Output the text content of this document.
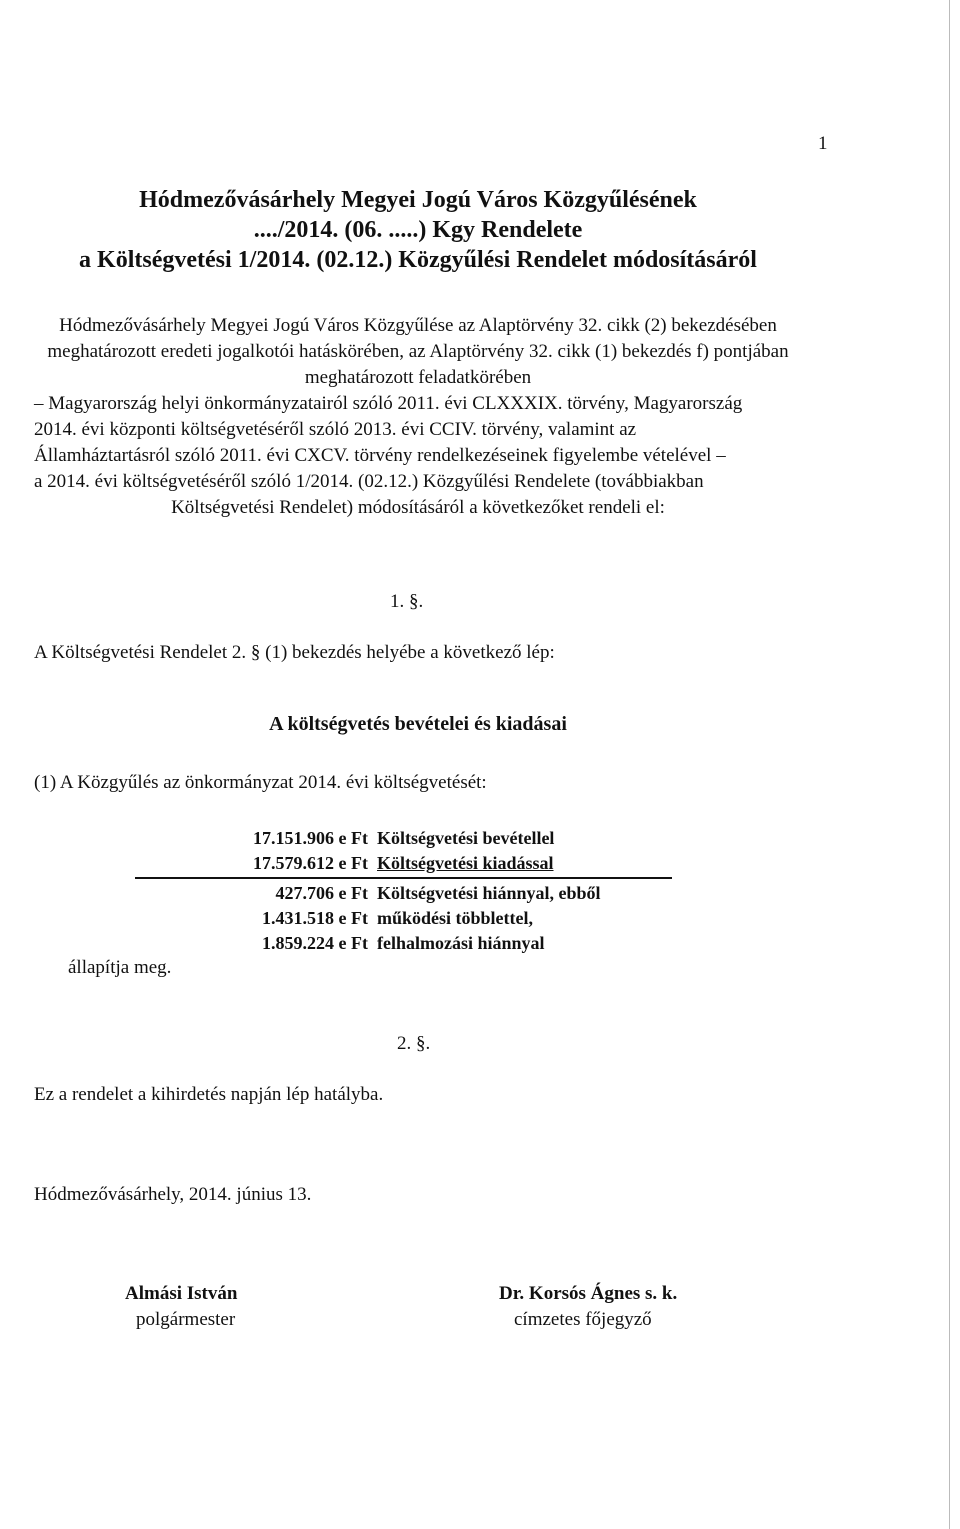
1
Hódmezővásárhely Megyei Jogú Város Közgyűlésének
..../2014. (06. .....) Kgy Rendelete
a Költségvetési 1/2014. (02.12.) Közgyűlési Rendelet módosításáról
Hódmezővásárhely Megyei Jogú Város Közgyűlése az Alaptörvény 32. cikk (2) bekezdésében
meghatározott eredeti jogalkotói hatáskörében, az Alaptörvény 32. cikk (1) bekezdés f) pontjában
meghatározott feladatkörében
– Magyarország helyi önkormányzatairól szóló 2011. évi CLXXXIX. törvény, Magyarország
2014. évi központi költségvetéséről szóló 2013. évi CCIV. törvény, valamint az
Államháztartásról szóló 2011. évi CXCV. törvény rendelkezéseinek figyelembe vételével –
a 2014. évi költségvetéséről szóló 1/2014. (02.12.) Közgyűlési Rendelete (továbbiakban
Költségvetési Rendelet) módosításáról a következőket rendeli el:
1. §.
A Költségvetési Rendelet 2. § (1) bekezdés helyébe a következő lép:
A költségvetés bevételei és kiadásai
(1) A Közgyűlés az önkormányzat 2014. évi költségvetését:
17.151.906 e Ft Költségvetési bevétellel
17.579.612 e Ft Költségvetési kiadással
427.706 e Ft Költségvetési hiánnyal, ebből
1.431.518 e Ft működési többlettel,
1.859.224 e Ft felhalmozási hiánnyal
állapítja meg.
2. §.
Ez a rendelet a kihirdetés napján lép hatályba.
Hódmezővásárhely, 2014. június 13.
Almási István
polgármester
Dr. Korsós Ágnes s. k.
címzetes főjegyző
